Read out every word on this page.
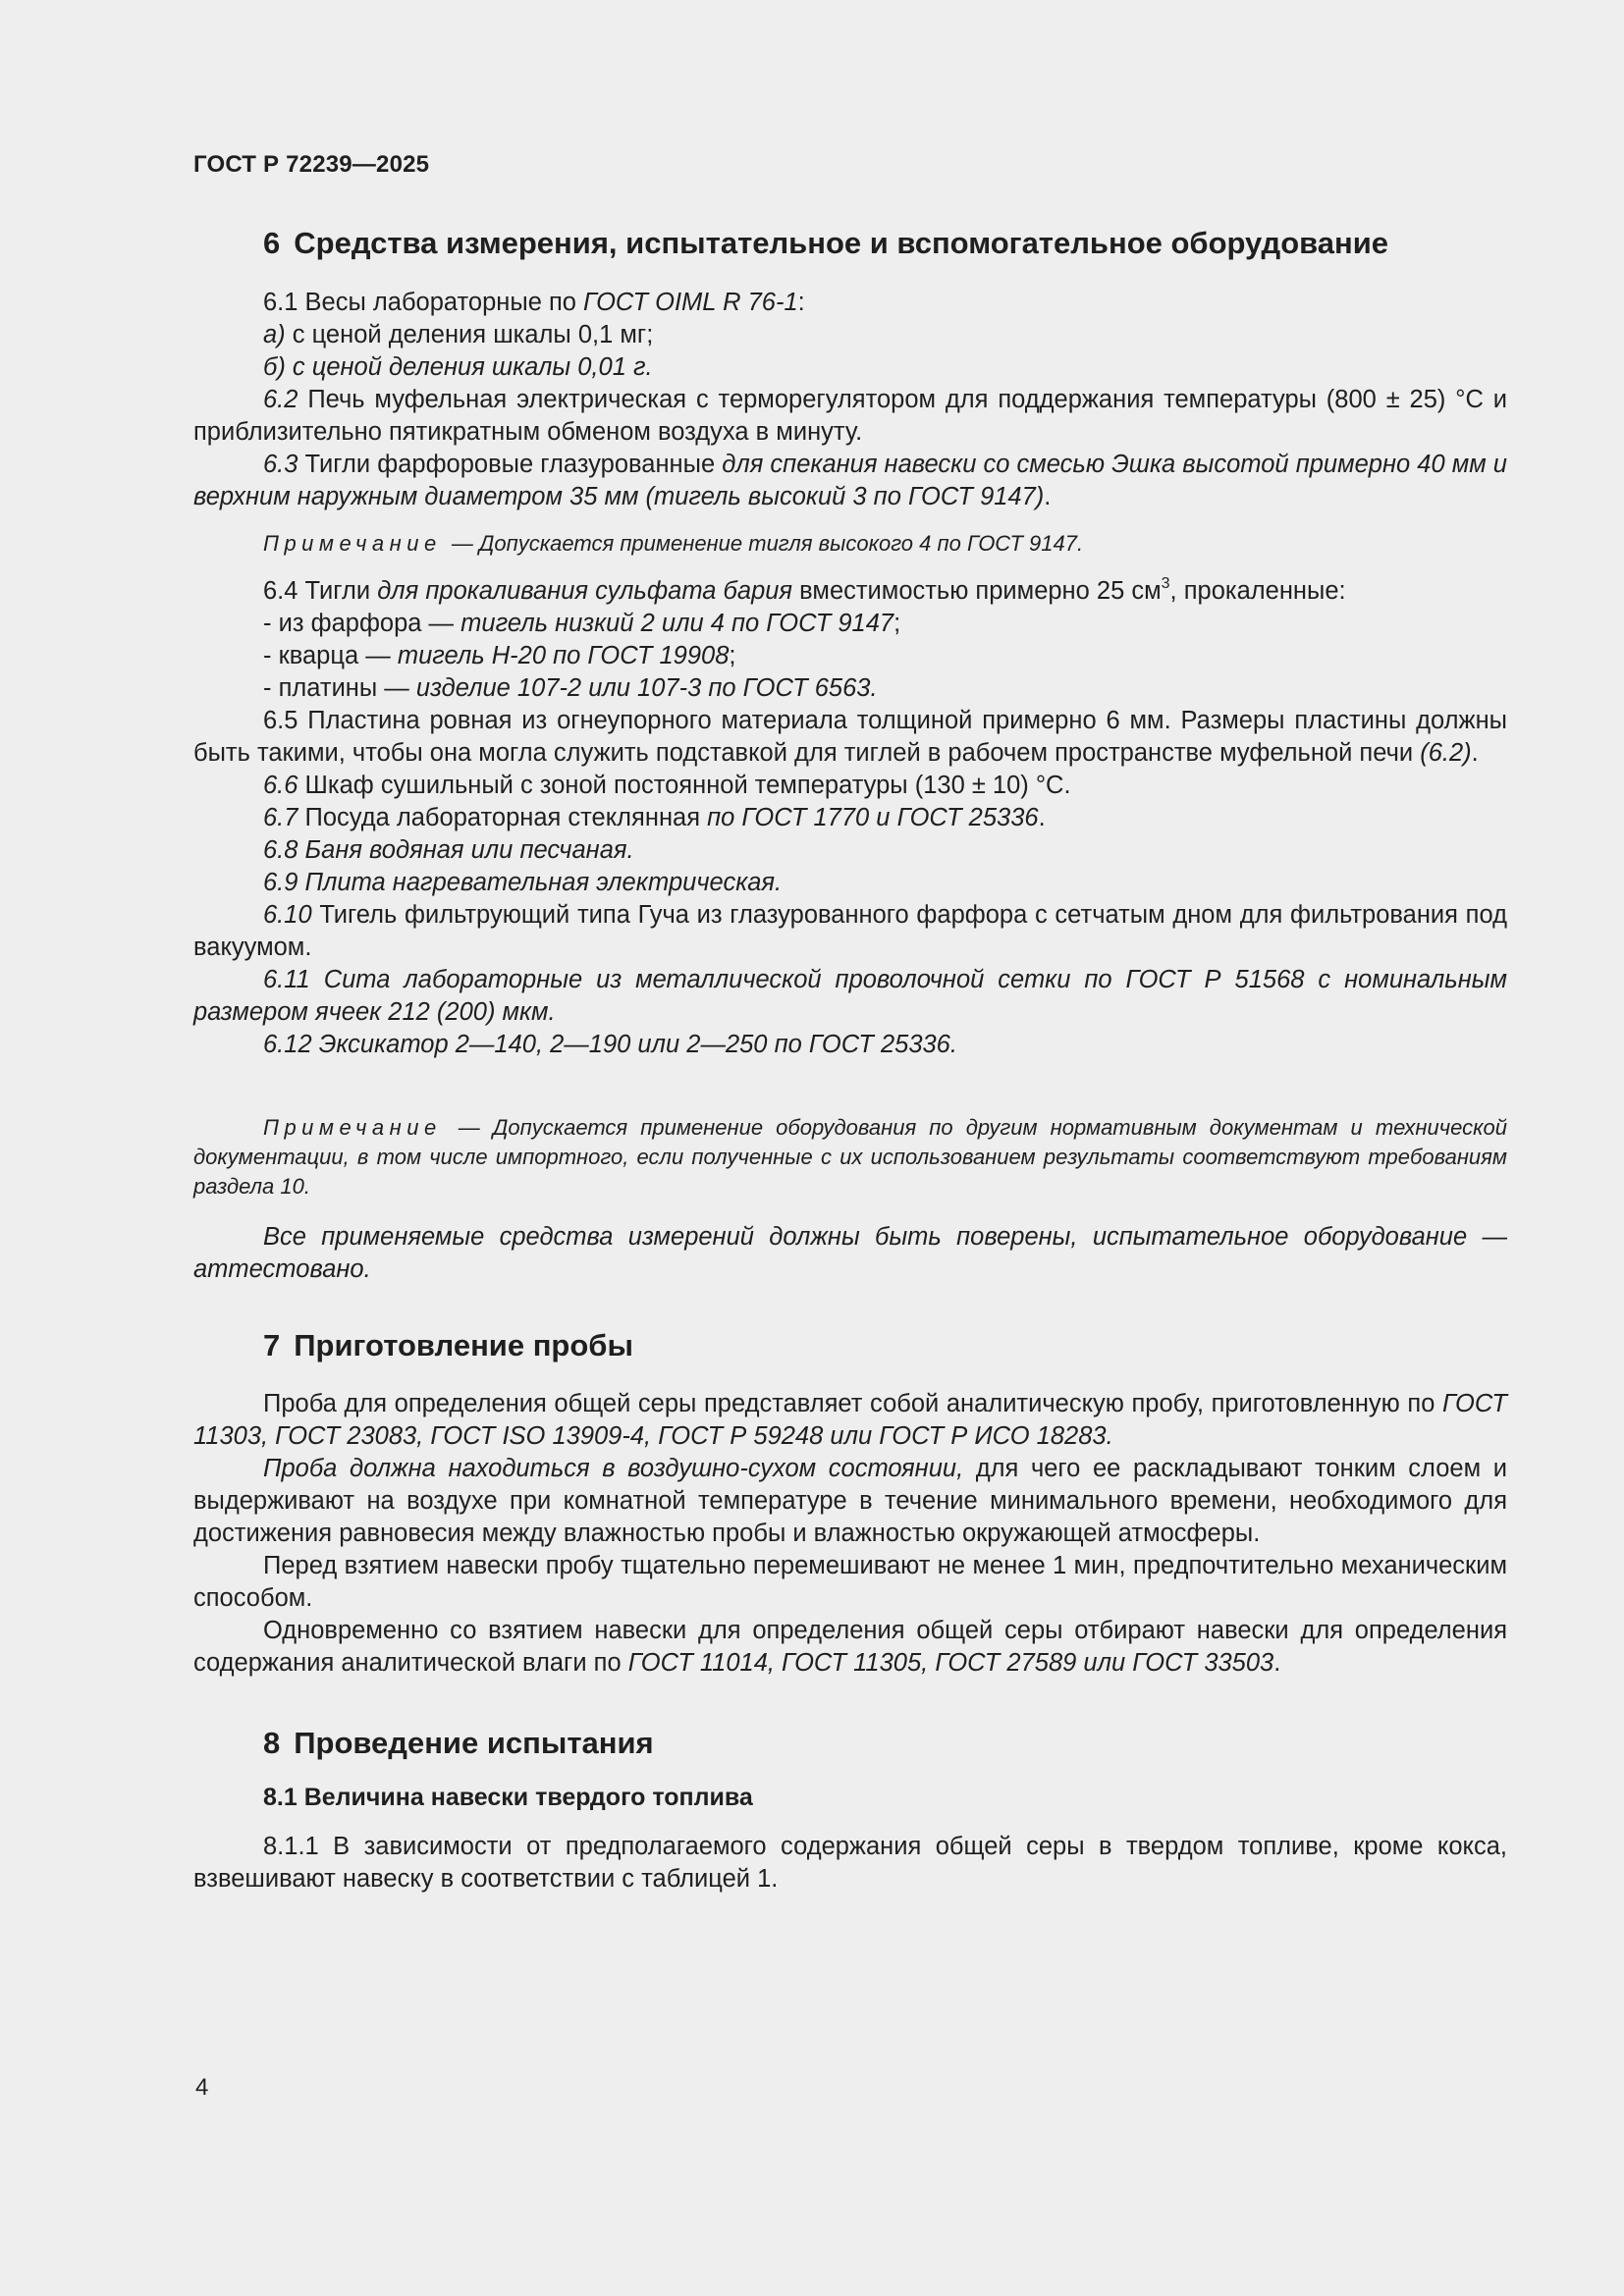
ГОСТ Р 72239—2025
6 Средства измерения, испытательное и вспомогательное оборудование

6.1 Весы лабораторные по ГОСТ OIML R 76-1:

а) с ценой деления шкалы 0,1 мг;

б) с ценой деления шкалы 0,01 г.

6.2 Печь муфельная электрическая с терморегулятором для поддержания температуры (800 ± 25) °С и приблизительно пятикратным обменом воздуха в минуту.

6.3 Тигли фарфоровые глазурованные для спекания навески со смесью Эшка высотой примерно 40 мм и верхним наружным диаметром 35 мм (тигель высокий 3 по ГОСТ 9147).

Примечание — Допускается применение тигля высокого 4 по ГОСТ 9147.

6.4 Тигли для прокаливания сульфата бария вместимостью примерно 25 $см^3$, прокаленные:

- из фарфора — тигель низкий 2 или 4 по ГОСТ 9147;

- кварца — тигель Н-20 по ГОСТ 19908;

- платины — изделие 107-2 или 107-3 по ГОСТ 6563.

6.5 Пластина ровная из огнеупорного материала толщиной примерно 6 мм. Размеры пластины должны быть такими, чтобы она могла служить подставкой для тиглей в рабочем пространстве муфельной печи (6.2).

6.6 Шкаф сушильный с зоной постоянной температуры (130 ± 10) °С.

6.7 Посуда лабораторная стеклянная по ГОСТ 1770 и ГОСТ 25336.

6.8 Баня водяная или песчаная.

6.9 Плита нагревательная электрическая.

6.10 Тигель фильтрующий типа Гуча из глазурованного фарфора с сетчатым дном для фильтрования под вакуумом.

6.11 Сита лабораторные из металлической проволочной сетки по ГОСТ Р 51568 с номинальным размером ячеек 212 (200) мкм.

6.12 Эксикатор 2—140, 2—190 или 2—250 по ГОСТ 25336.

Примечание — Допускается применение оборудования по другим нормативным документам и технической документации, в том числе импортного, если полученные с их использованием результаты соответствуют требованиям раздела 10.

Все применяемые средства измерений должны быть поверены, испытательное оборудование — аттестовано.

7 Приготовление пробы

Проба для определения общей серы представляет собой аналитическую пробу, приготовленную по ГОСТ 11303, ГОСТ 23083, ГОСТ ISO 13909-4, ГОСТ Р 59248 или ГОСТ Р ИСО 18283.

Проба должна находиться в воздушно-сухом состоянии, для чего ее раскладывают тонким слоем и выдерживают на воздухе при комнатной температуре в течение минимального времени, необходимого для достижения равновесия между влажностью пробы и влажностью окружающей атмосферы.

Перед взятием навески пробу тщательно перемешивают не менее 1 мин, предпочтительно механическим способом.

Одновременно со взятием навески для определения общей серы отбирают навески для определения содержания аналитической влаги по ГОСТ 11014, ГОСТ 11305, ГОСТ 27589 или ГОСТ 33503.

8 Проведение испытания
8.1 Величина навески твердого топлива

8.1.1 В зависимости от предполагаемого содержания общей серы в твердом топливе, кроме кокса, взвешивают навеску в соответствии с таблицей 1.

4
